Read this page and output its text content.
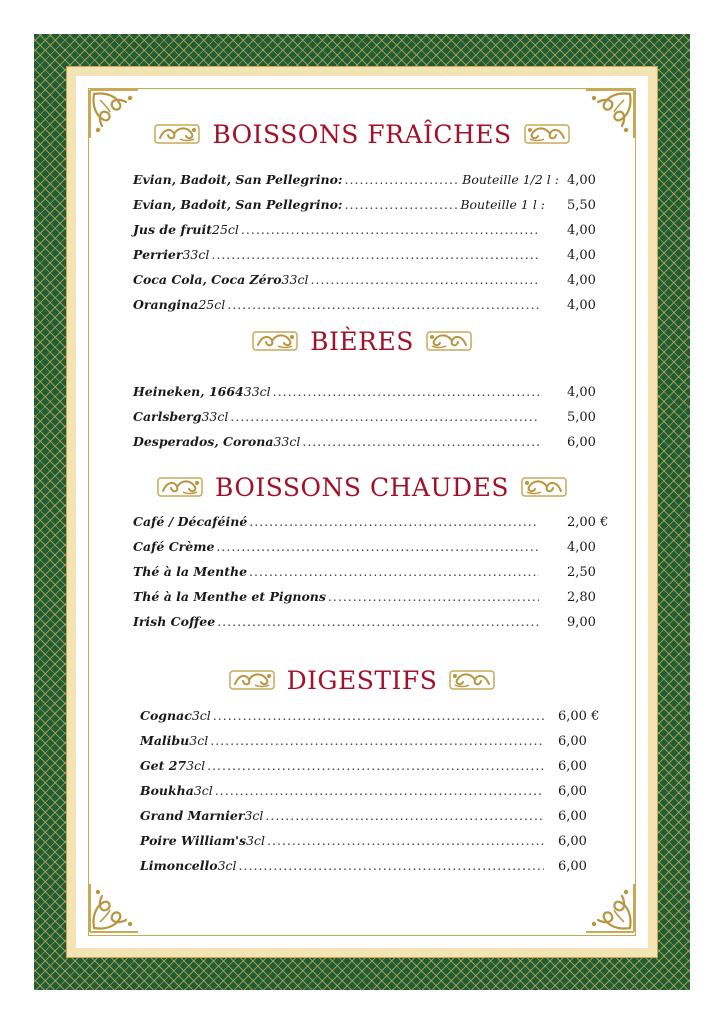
BOISSONS FRAÎCHES
Evian, Badoit, San Pellegrino: .....	Bouteille 1/2 l : 4,00
Evian, Badoit, San Pellegrino: .....	Bouteille 1 l : 5,50
Jus de fruit 25cl .....	4,00
Perrier 33cl .....	4,00
Coca Cola, Coca Zéro 33cl .....	4,00
Orangina 25cl .....	4,00
BIÈRES
Heineken, 1664 33cl .....	4,00
Carlsberg 33cl .....	5,00
Desperados, Corona 33cl .....	6,00
BOISSONS CHAUDES
Café / Décaféiné .....	2,00 €
Café Crème .....	4,00
Thé à la Menthe .....	2,50
Thé à la Menthe et Pignons .....	2,80
Irish Coffee .....	9,00
DIGESTIFS
Cognac 3cl .....	6,00 €
Malibu 3cl .....	6,00
Get 27 3cl .....	6,00
Boukha 3cl .....	6,00
Grand Marnier 3cl .....	6,00
Poire William's 3cl .....	6,00
Limoncello 3cl .....	6,00
